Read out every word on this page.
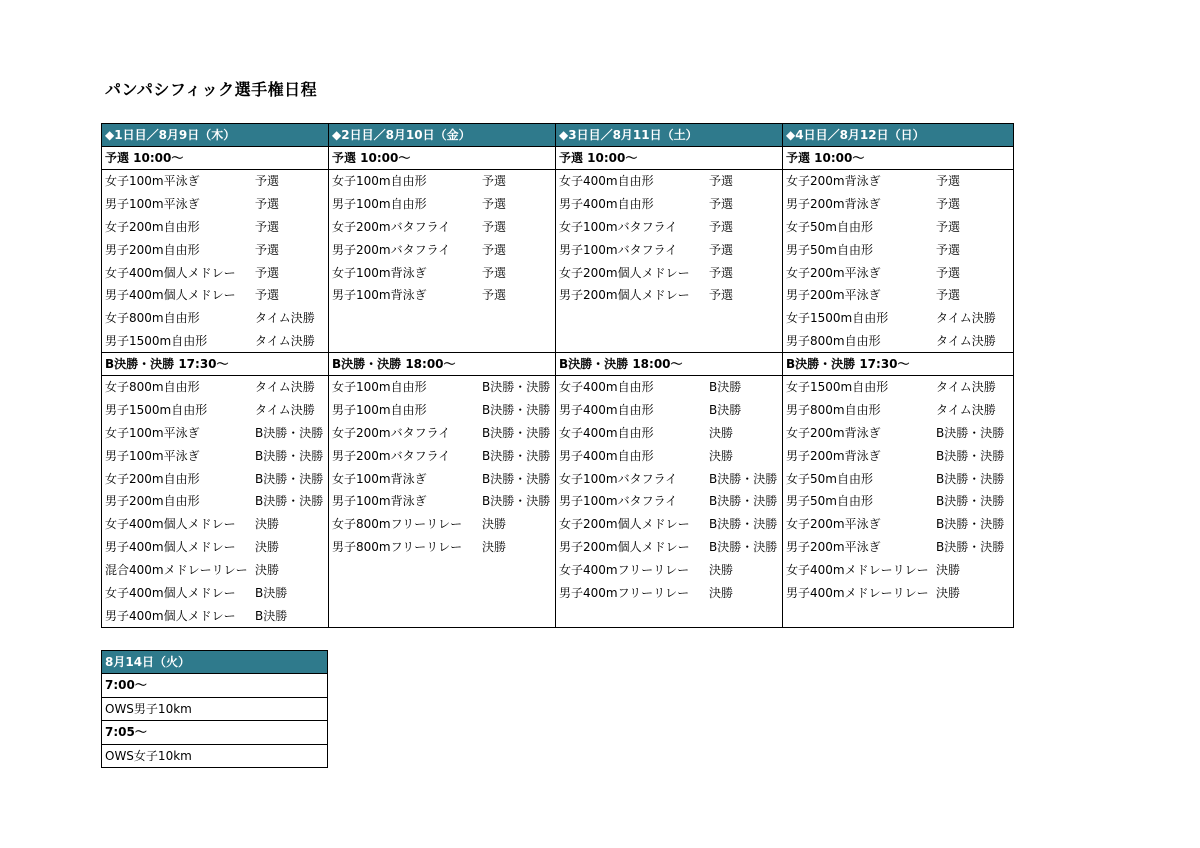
パンパシフィック選手権日程
◆1日目／8月9日（木）
予選 10:00〜
女子100m平泳ぎ	予選
男子100m平泳ぎ	予選
女子200m自由形	予選
男子200m自由形	予選
女子400m個人メドレー	予選
男子400m個人メドレー	予選
女子800m自由形	タイム決勝
男子1500m自由形	タイム決勝
B決勝・決勝 17:30〜
女子800m自由形	タイム決勝
男子1500m自由形	タイム決勝
女子100m平泳ぎ	B決勝・決勝
男子100m平泳ぎ	B決勝・決勝
女子200m自由形	B決勝・決勝
男子200m自由形	B決勝・決勝
女子400m個人メドレー	決勝
男子400m個人メドレー	決勝
混合400mメドレーリレー 決勝
女子400m個人メドレー	B決勝
男子400m個人メドレー	B決勝
◆2日目／8月10日（金）
予選 10:00〜
女子100m自由形	予選
男子100m自由形	予選
女子200mバタフライ	予選
男子200mバタフライ	予選
女子100m背泳ぎ	予選
男子100m背泳ぎ	予選
B決勝・決勝 18:00〜
女子100m自由形	B決勝・決勝
男子100m自由形	B決勝・決勝
女子200mバタフライ	B決勝・決勝
男子200mバタフライ	B決勝・決勝
女子100m背泳ぎ	B決勝・決勝
男子100m背泳ぎ	B決勝・決勝
女子800mフリーリレー	決勝
男子800mフリーリレー	決勝
◆3日目／8月11日（土）
予選 10:00〜
女子400m自由形	予選
男子400m自由形	予選
女子100mバタフライ	予選
男子100mバタフライ	予選
女子200m個人メドレー	予選
男子200m個人メドレー	予選
B決勝・決勝 18:00〜
女子400m自由形	B決勝
男子400m自由形	B決勝
女子400m自由形	決勝
男子400m自由形	決勝
女子100mバタフライ	B決勝・決勝
男子100mバタフライ	B決勝・決勝
女子200m個人メドレー	B決勝・決勝
男子200m個人メドレー	B決勝・決勝
女子400mフリーリレー	決勝
男子400mフリーリレー	決勝
◆4日目／8月12日（日）
予選 10:00〜
女子200m背泳ぎ	予選
男子200m背泳ぎ	予選
女子50m自由形	予選
男子50m自由形	予選
女子200m平泳ぎ	予選
男子200m平泳ぎ	予選
女子1500m自由形	タイム決勝
男子800m自由形	タイム決勝
B決勝・決勝 17:30〜
女子1500m自由形	タイム決勝
男子800m自由形	タイム決勝
女子200m背泳ぎ	B決勝・決勝
男子200m背泳ぎ	B決勝・決勝
女子50m自由形	B決勝・決勝
男子50m自由形	B決勝・決勝
女子200m平泳ぎ	B決勝・決勝
男子200m平泳ぎ	B決勝・決勝
女子400mメドレーリレー 決勝
男子400mメドレーリレー 決勝
8月14日（火）
7:00〜
OWS男子10km
7:05〜
OWS女子10km
